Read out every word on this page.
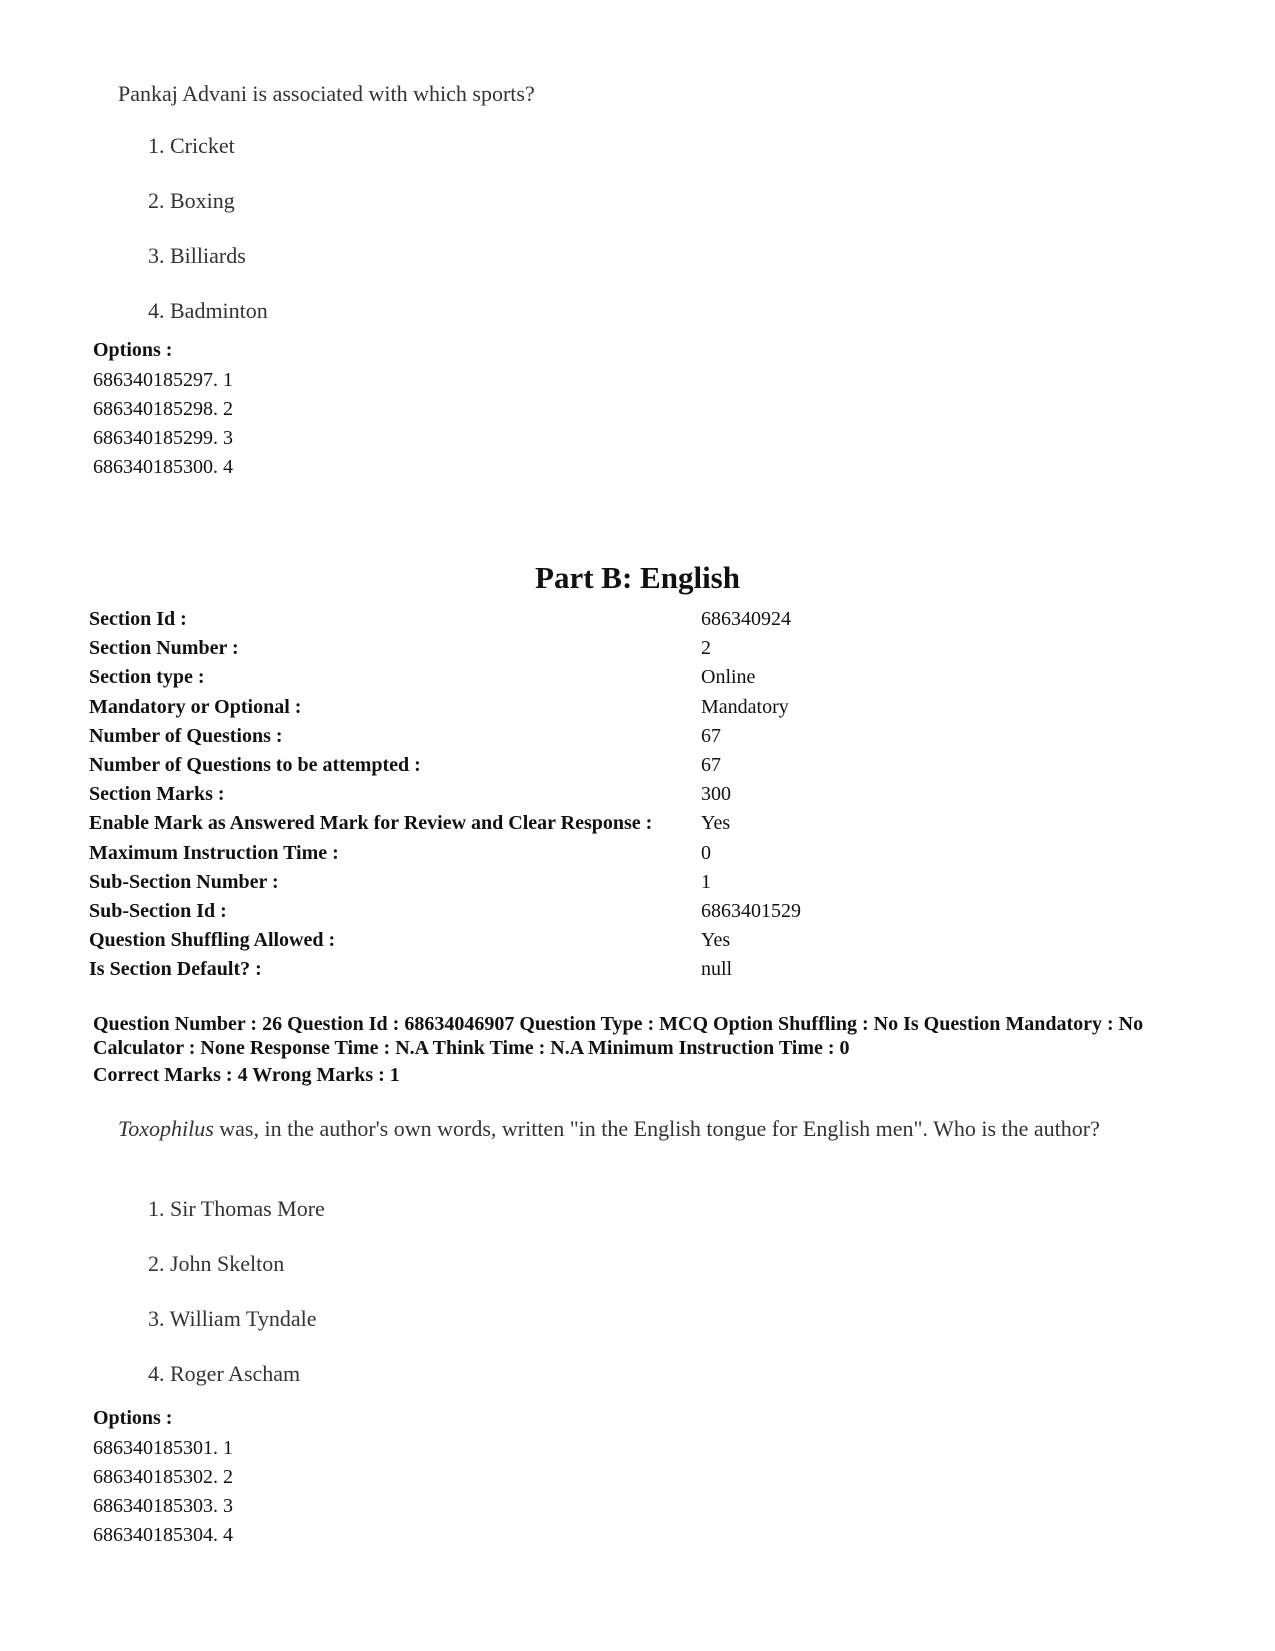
Pankaj Advani is associated with which sports?
1. Cricket
2. Boxing
3. Billiards
4. Badminton
Options :
686340185297. 1
686340185298. 2
686340185299. 3
686340185300. 4
Part B: English
Section Id :	686340924
Section Number :	2
Section type :	Online
Mandatory or Optional :	Mandatory
Number of Questions :	67
Number of Questions to be attempted :	67
Section Marks :	300
Enable Mark as Answered Mark for Review and Clear Response :	Yes
Maximum Instruction Time :	0
Sub-Section Number :	1
Sub-Section Id :	6863401529
Question Shuffling Allowed :	Yes
Is Section Default? :	null
Question Number : 26 Question Id : 68634046907 Question Type : MCQ Option Shuffling : No Is Question Mandatory : No Calculator : None Response Time : N.A Think Time : N.A Minimum Instruction Time : 0
Correct Marks : 4 Wrong Marks : 1
Toxophilus was, in the author's own words, written "in the English tongue for English men". Who is the author?
1. Sir Thomas More
2. John Skelton
3. William Tyndale
4. Roger Ascham
Options :
686340185301. 1
686340185302. 2
686340185303. 3
686340185304. 4
